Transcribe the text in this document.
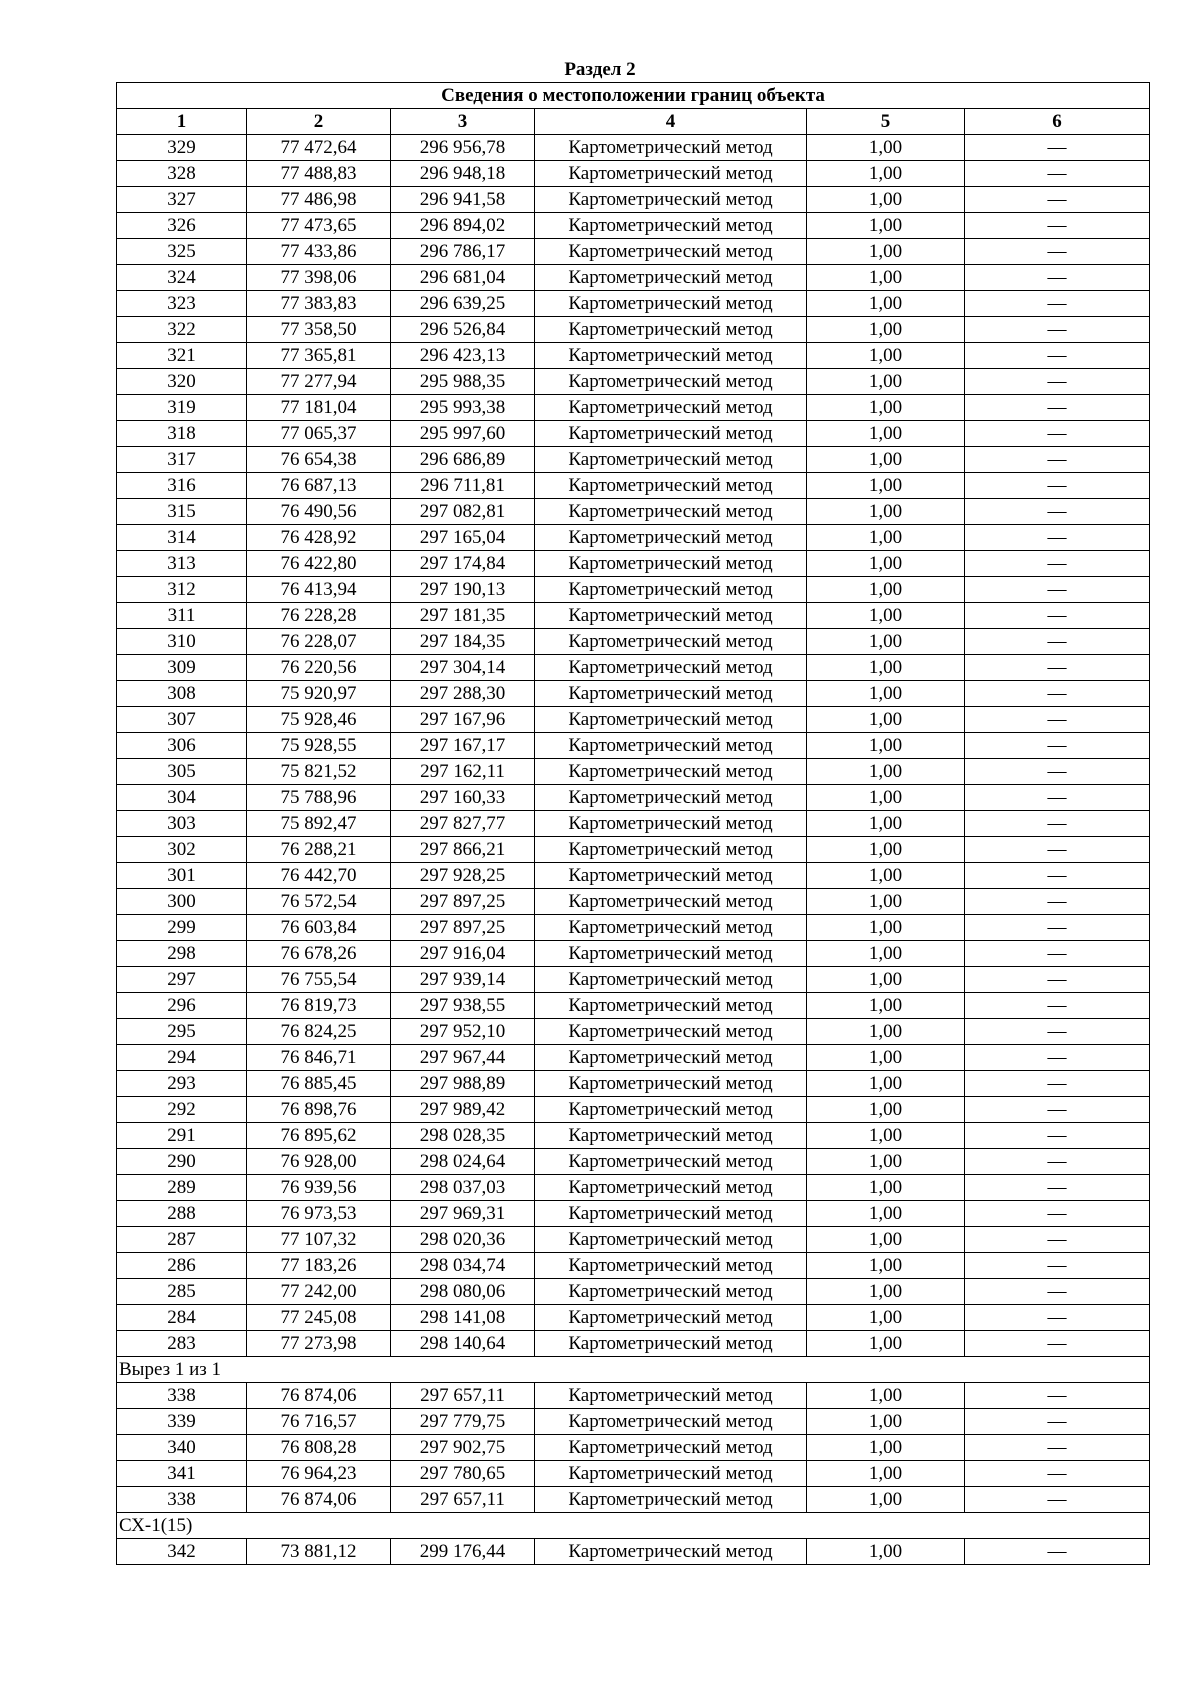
Раздел 2
Сведения о местоположении границ объекта					
1	2	3	4	5	6
329	77 472,64	296 956,78	Картометрический метод	1,00	—
328	77 488,83	296 948,18	Картометрический метод	1,00	—
327	77 486,98	296 941,58	Картометрический метод	1,00	—
326	77 473,65	296 894,02	Картометрический метод	1,00	—
325	77 433,86	296 786,17	Картометрический метод	1,00	—
324	77 398,06	296 681,04	Картометрический метод	1,00	—
323	77 383,83	296 639,25	Картометрический метод	1,00	—
322	77 358,50	296 526,84	Картометрический метод	1,00	—
321	77 365,81	296 423,13	Картометрический метод	1,00	—
320	77 277,94	295 988,35	Картометрический метод	1,00	—
319	77 181,04	295 993,38	Картометрический метод	1,00	—
318	77 065,37	295 997,60	Картометрический метод	1,00	—
317	76 654,38	296 686,89	Картометрический метод	1,00	—
316	76 687,13	296 711,81	Картометрический метод	1,00	—
315	76 490,56	297 082,81	Картометрический метод	1,00	—
314	76 428,92	297 165,04	Картометрический метод	1,00	—
313	76 422,80	297 174,84	Картометрический метод	1,00	—
312	76 413,94	297 190,13	Картометрический метод	1,00	—
311	76 228,28	297 181,35	Картометрический метод	1,00	—
310	76 228,07	297 184,35	Картометрический метод	1,00	—
309	76 220,56	297 304,14	Картометрический метод	1,00	—
308	75 920,97	297 288,30	Картометрический метод	1,00	—
307	75 928,46	297 167,96	Картометрический метод	1,00	—
306	75 928,55	297 167,17	Картометрический метод	1,00	—
305	75 821,52	297 162,11	Картометрический метод	1,00	—
304	75 788,96	297 160,33	Картометрический метод	1,00	—
303	75 892,47	297 827,77	Картометрический метод	1,00	—
302	76 288,21	297 866,21	Картометрический метод	1,00	—
301	76 442,70	297 928,25	Картометрический метод	1,00	—
300	76 572,54	297 897,25	Картометрический метод	1,00	—
299	76 603,84	297 897,25	Картометрический метод	1,00	—
298	76 678,26	297 916,04	Картометрический метод	1,00	—
297	76 755,54	297 939,14	Картометрический метод	1,00	—
296	76 819,73	297 938,55	Картометрический метод	1,00	—
295	76 824,25	297 952,10	Картометрический метод	1,00	—
294	76 846,71	297 967,44	Картометрический метод	1,00	—
293	76 885,45	297 988,89	Картометрический метод	1,00	—
292	76 898,76	297 989,42	Картометрический метод	1,00	—
291	76 895,62	298 028,35	Картометрический метод	1,00	—
290	76 928,00	298 024,64	Картометрический метод	1,00	—
289	76 939,56	298 037,03	Картометрический метод	1,00	—
288	76 973,53	297 969,31	Картометрический метод	1,00	—
287	77 107,32	298 020,36	Картометрический метод	1,00	—
286	77 183,26	298 034,74	Картометрический метод	1,00	—
285	77 242,00	298 080,06	Картометрический метод	1,00	—
284	77 245,08	298 141,08	Картометрический метод	1,00	—
283	77 273,98	298 140,64	Картометрический метод	1,00	—
Вырез 1 из 1					
338	76 874,06	297 657,11	Картометрический метод	1,00	—
339	76 716,57	297 779,75	Картометрический метод	1,00	—
340	76 808,28	297 902,75	Картометрический метод	1,00	—
341	76 964,23	297 780,65	Картометрический метод	1,00	—
338	76 874,06	297 657,11	Картометрический метод	1,00	—
СХ-1(15)					
342	73 881,12	299 176,44	Картометрический метод	1,00	—
